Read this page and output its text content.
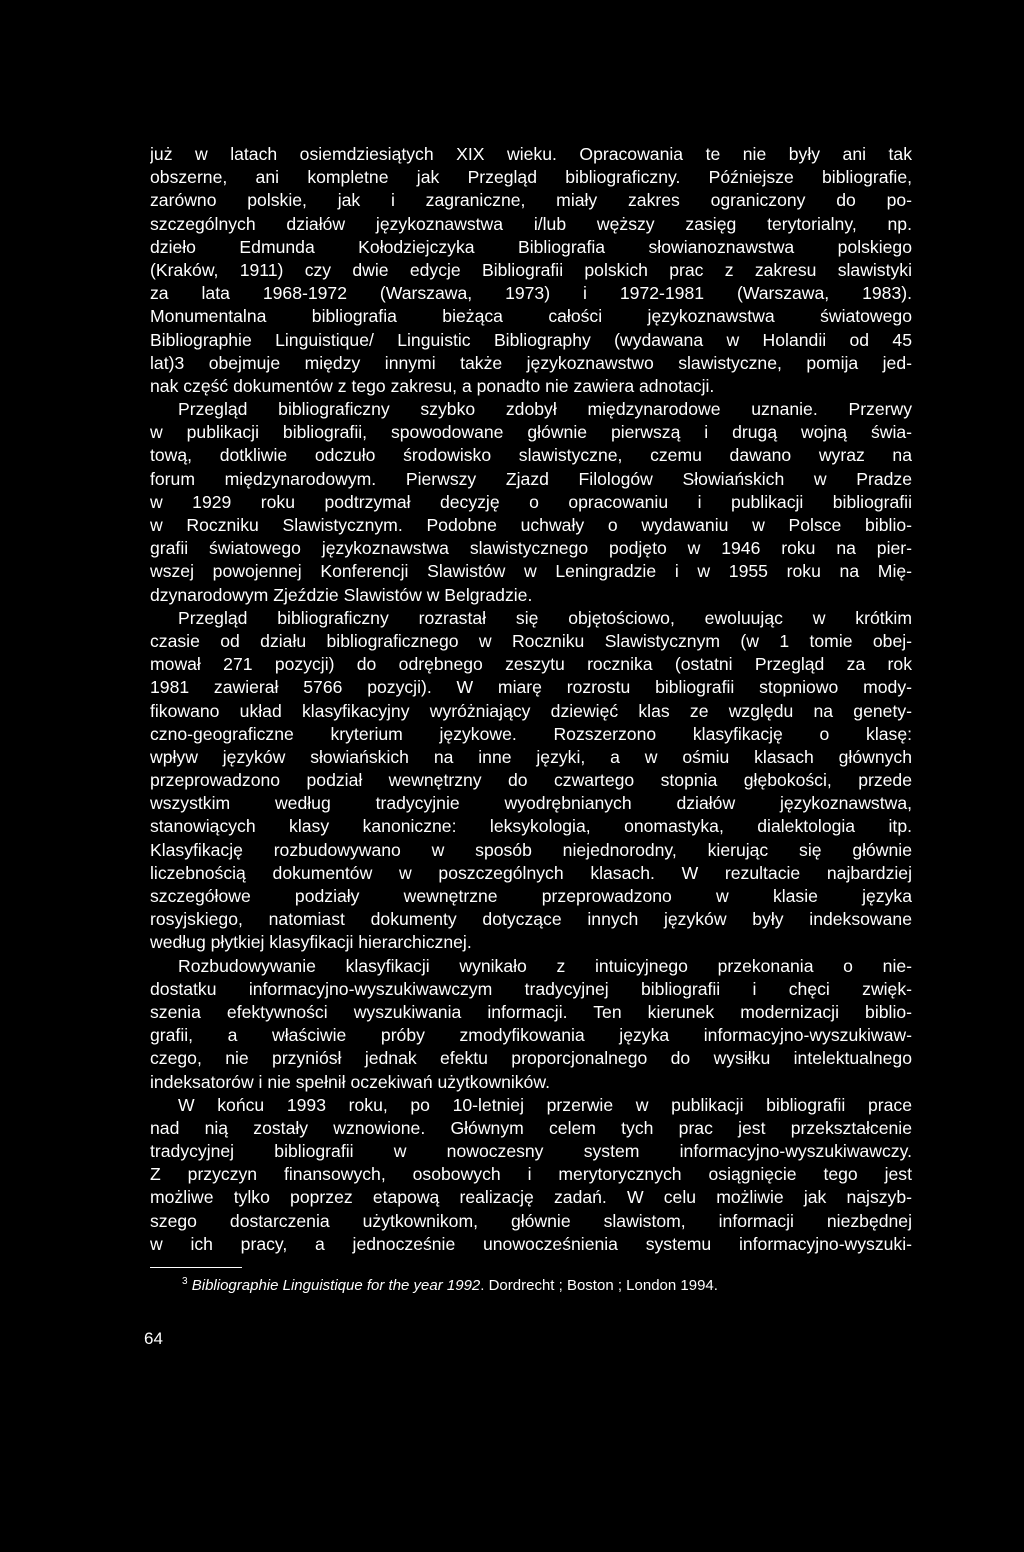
już w latach osiemdziesiątych XIX wieku. Opracowania te nie były ani tak
obszerne, ani kompletne jak Przegląd bibliograficzny. Późniejsze bibliografie,
zarówno polskie, jak i zagraniczne, miały zakres ograniczony do po-
szczególnych działów językoznawstwa i/lub węższy zasięg terytorialny, np.
dzieło Edmunda Kołodziejczyka Bibliografia słowianoznawstwa polskiego
(Kraków, 1911) czy dwie edycje Bibliografii polskich prac z zakresu slawistyki
za lata 1968-1972 (Warszawa, 1973) i 1972-1981 (Warszawa, 1983).
Monumentalna bibliografia bieżąca całości językoznawstwa światowego
Bibliographie Linguistique/ Linguistic Bibliography (wydawana w Holandii od 45
lat)3 obejmuje między innymi także językoznawstwo slawistyczne, pomija jed-
nak część dokumentów z tego zakresu, a ponadto nie zawiera adnotacji.
Przegląd bibliograficzny szybko zdobył międzynarodowe uznanie. Przerwy
w publikacji bibliografii, spowodowane głównie pierwszą i drugą wojną świa-
tową, dotkliwie odczuło środowisko slawistyczne, czemu dawano wyraz na
forum międzynarodowym. Pierwszy Zjazd Filologów Słowiańskich w Pradze
w 1929 roku podtrzymał decyzję o opracowaniu i publikacji bibliografii
w Roczniku Slawistycznym. Podobne uchwały o wydawaniu w Polsce biblio-
grafii światowego językoznawstwa slawistycznego podjęto w 1946 roku na pier-
wszej powojennej Konferencji Slawistów w Leningradzie i w 1955 roku na Mię-
dzynarodowym Zjeździe Slawistów w Belgradzie.
Przegląd bibliograficzny rozrastał się objętościowo, ewoluując w krótkim
czasie od działu bibliograficznego w Roczniku Slawistycznym (w 1 tomie obej-
mował 271 pozycji) do odrębnego zeszytu rocznika (ostatni Przegląd za rok
1981 zawierał 5766 pozycji). W miarę rozrostu bibliografii stopniowo mody-
fikowano układ klasyfikacyjny wyróżniający dziewięć klas ze względu na genety-
czno-geograficzne kryterium językowe. Rozszerzono klasyfikację o klasę:
wpływ języków słowiańskich na inne języki, a w ośmiu klasach głównych
przeprowadzono podział wewnętrzny do czwartego stopnia głębokości, przede
wszystkim według tradycyjnie wyodrębnianych działów językoznawstwa,
stanowiących klasy kanoniczne: leksykologia, onomastyka, dialektologia itp.
Klasyfikację rozbudowywano w sposób niejednorodny, kierując się głównie
liczebnością dokumentów w poszczególnych klasach. W rezultacie najbardziej
szczegółowe podziały wewnętrzne przeprowadzono w klasie języka
rosyjskiego, natomiast dokumenty dotyczące innych języków były indeksowane
według płytkiej klasyfikacji hierarchicznej.
Rozbudowywanie klasyfikacji wynikało z intuicyjnego przekonania o nie-
dostatku informacyjno-wyszukiwawczym tradycyjnej bibliografii i chęci zwięk-
szenia efektywności wyszukiwania informacji. Ten kierunek modernizacji biblio-
grafii, a właściwie próby zmodyfikowania języka informacyjno-wyszukiwaw-
czego, nie przyniósł jednak efektu proporcjonalnego do wysiłku intelektualnego
indeksatorów i nie spełnił oczekiwań użytkowników.
W końcu 1993 roku, po 10-letniej przerwie w publikacji bibliografii prace
nad nią zostały wznowione. Głównym celem tych prac jest przekształcenie
tradycyjnej bibliografii w nowoczesny system informacyjno-wyszukiwawczy.
Z przyczyn finansowych, osobowych i merytorycznych osiągnięcie tego jest
możliwe tylko poprzez etapową realizację zadań. W celu możliwie jak najszyb-
szego dostarczenia użytkownikom, głównie slawistom, informacji niezbędnej
w ich pracy, a jednocześnie unowocześnienia systemu informacyjno-wyszuki-
$^3$ Bibliographie Linguistique for the year 1992. Dordrecht ; Boston ; London 1994.
64
